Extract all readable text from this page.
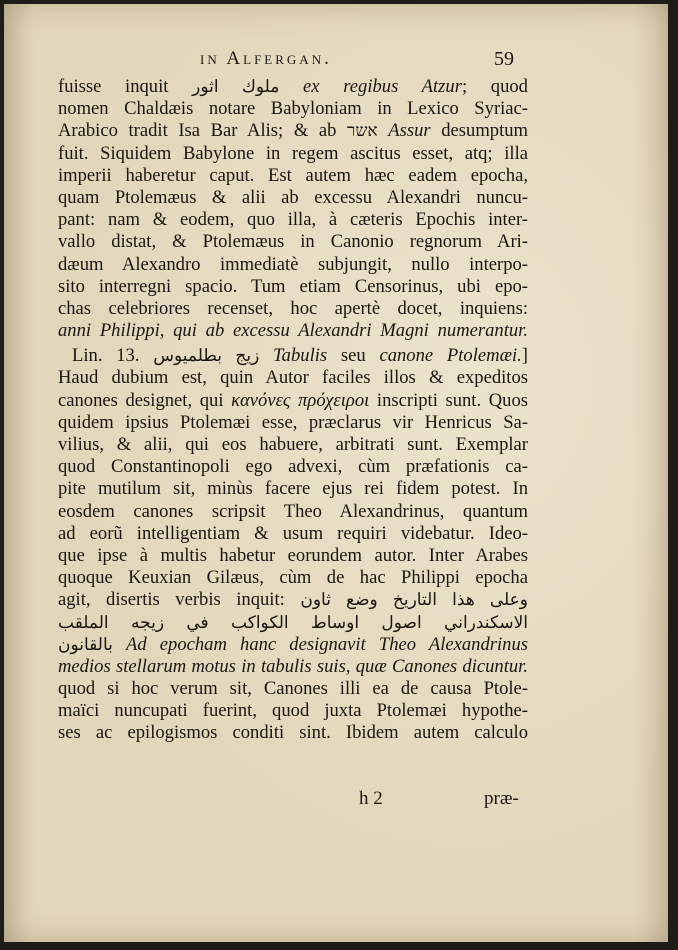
in Alfergan.	59
fuisse inquit ملوك اثور ex regibus Atzur; quod
nomen Chaldæis notare Babyloniam in Lexico Syriac-
Arabico tradit Isa Bar Alis; & ab אשר Assur desumptum
fuit. Siquidem Babylone in regem ascitus esset, atq; illa
imperii haberetur caput. Est autem hæc eadem epocha,
quam Ptolemæus & alii ab excessu Alexandri nuncu-
pant: nam & eodem, quo illa, à cæteris Epochis inter-
vallo distat, & Ptolemæus in Canonio regnorum Ari-
dæum Alexandro immediatè subjungit, nullo interpo-
sito interregni spacio. Tum etiam Censorinus, ubi epo-
chas celebriores recenset, hoc apertè docet, inquiens:
anni Philippi, qui ab excessu Alexandri Magni numerantur.
Lin. 13. زيج بطلميوس Tabulis seu canone Ptolemæi.]
Haud dubium est, quin Autor faciles illos & expeditos
canones designet, qui κανόνες πρόχειροι inscripti sunt. Quos
quidem ipsius Ptolemæi esse, præclarus vir Henricus Sa-
vilius, & alii, qui eos habuere, arbitrati sunt. Exemplar
quod Constantinopoli ego advexi, cùm præfationis ca-
pite mutilum sit, minùs facere ejus rei fidem potest. In
eosdem canones scripsit Theo Alexandrinus, quantum
ad eorũ intelligentiam & usum requiri videbatur. Ideo-
que ipse à multis habetur eorundem autor. Inter Arabes
quoque Keuxian Gilæus, cùm de hac Philippi epocha
agit, disertis verbis inquit: وعلى هذا التاريخ وضع ثاون
الاسكندراني اصول اوساط الكواكب في زيجه الملقب
بالقانون Ad epocham hanc designavit Theo Alexandrinus
medios stellarum motus in tabulis suis, quæ Canones dicuntur.
quod si hoc verum sit, Canones illi ea de causa Ptole-
maïci nuncupati fuerint, quod juxta Ptolemæi hypothe-
ses ac epilogismos conditi sint. Ibidem autem calculo
h 2	præ-
